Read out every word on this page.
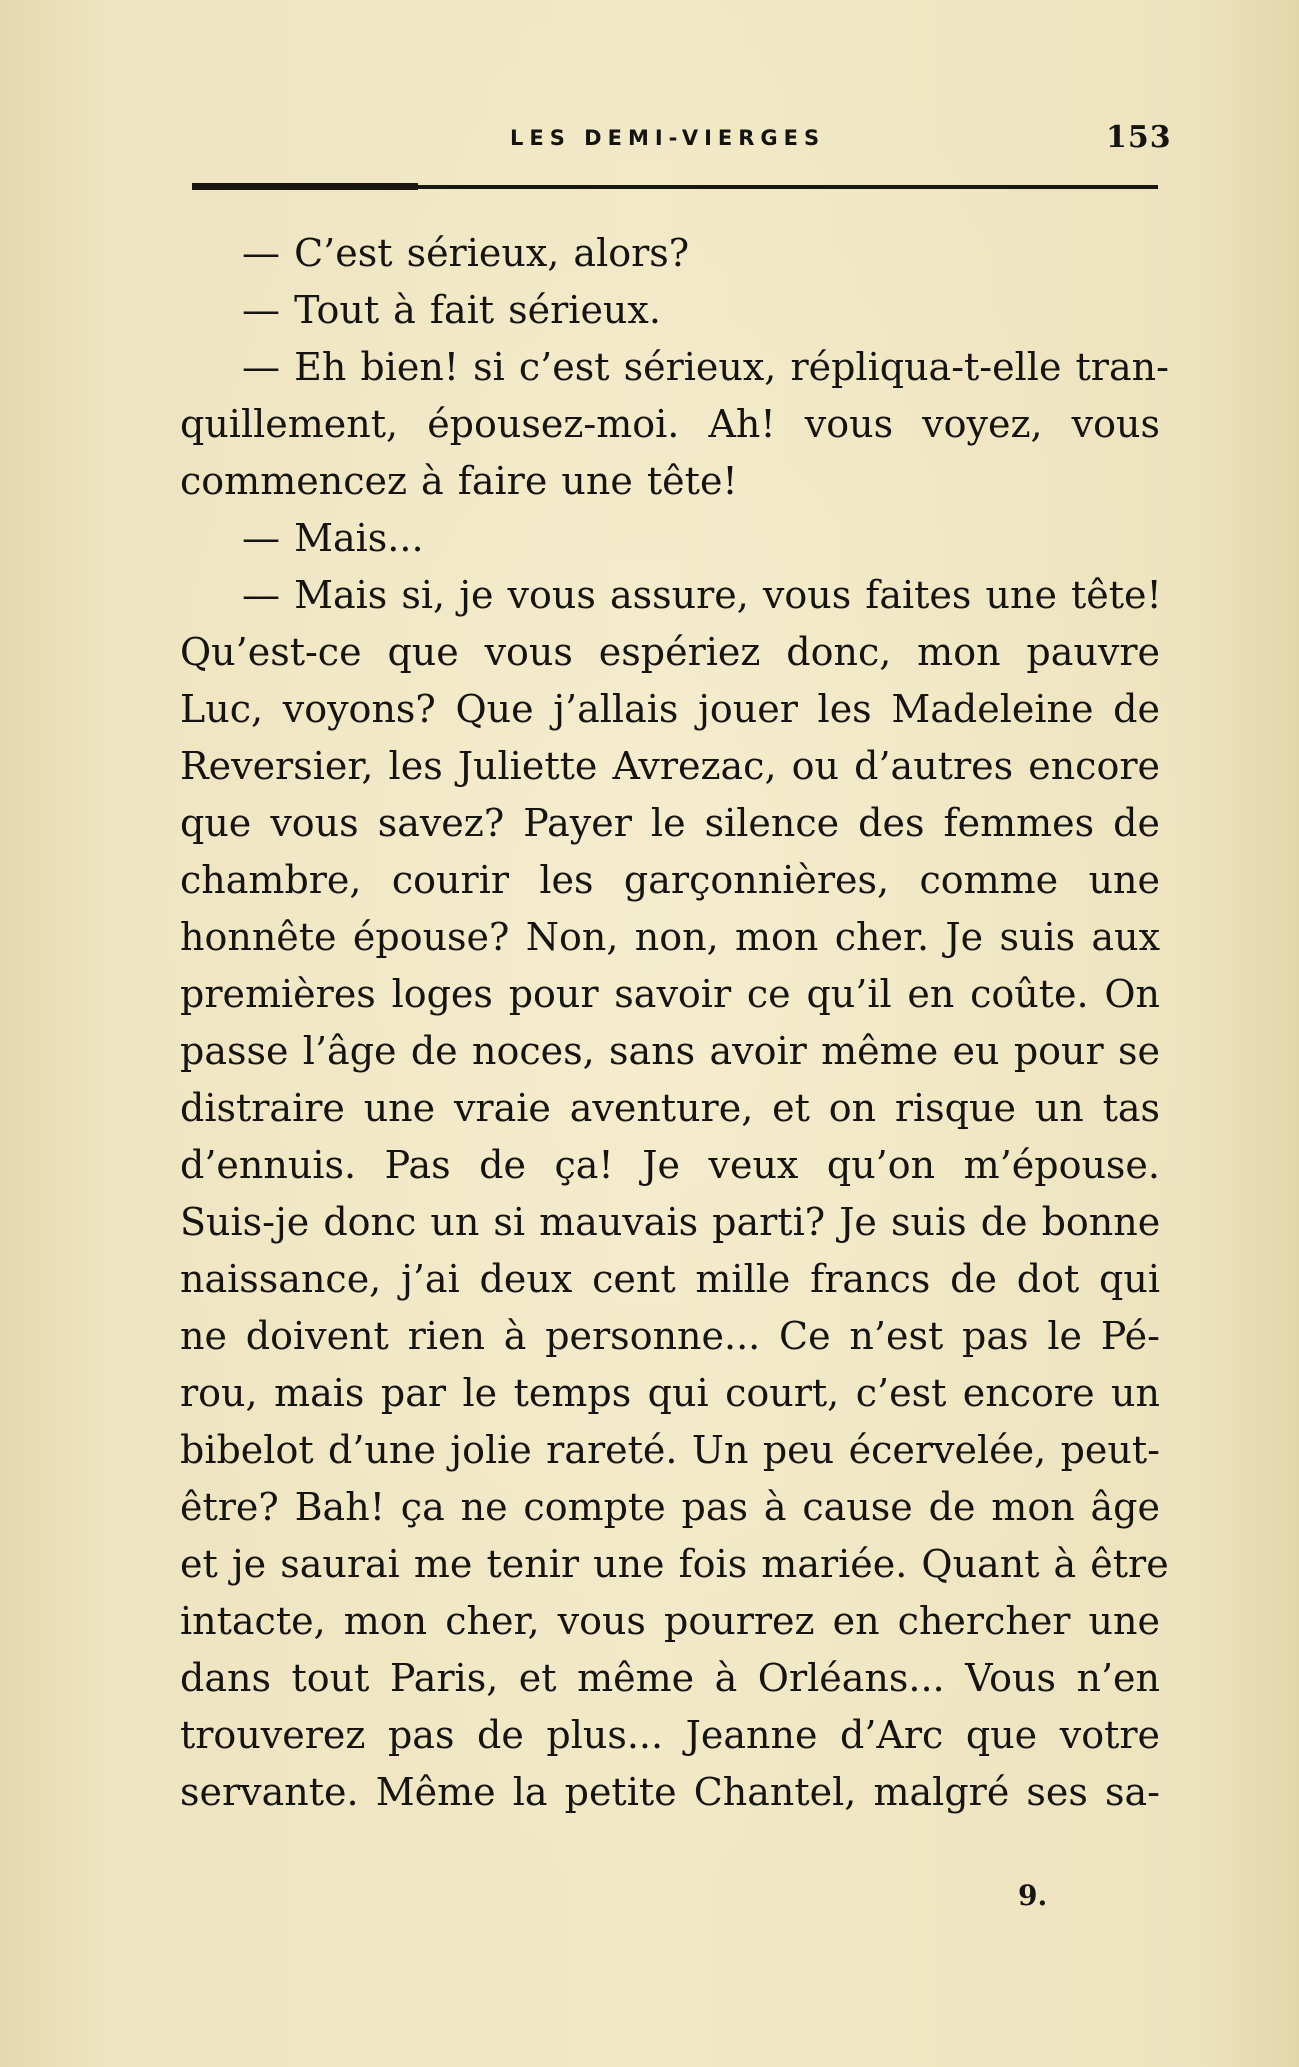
LES DEMI-VIERGES	153
— C’est sérieux, alors?
— Tout à fait sérieux.
— Eh bien! si c’est sérieux, répliqua-t-elle tran-
quillement, épousez-moi. Ah! vous voyez, vous
commencez à faire une tête!
— Mais...
— Mais si, je vous assure, vous faites une tête!
Qu’est-ce que vous espériez donc, mon pauvre
Luc, voyons? Que j’allais jouer les Madeleine de
Reversier, les Juliette Avrezac, ou d’autres encore
que vous savez? Payer le silence des femmes de
chambre, courir les garçonnières, comme une
honnête épouse? Non, non, mon cher. Je suis aux
premières loges pour savoir ce qu’il en coûte. On
passe l’âge de noces, sans avoir même eu pour se
distraire une vraie aventure, et on risque un tas
d’ennuis. Pas de ça! Je veux qu’on m’épouse.
Suis-je donc un si mauvais parti? Je suis de bonne
naissance, j’ai deux cent mille francs de dot qui
ne doivent rien à personne... Ce n’est pas le Pé-
rou, mais par le temps qui court, c’est encore un
bibelot d’une jolie rareté. Un peu écervelée, peut-
être? Bah! ça ne compte pas à cause de mon âge
et je saurai me tenir une fois mariée. Quant à être
intacte, mon cher, vous pourrez en chercher une
dans tout Paris, et même à Orléans... Vous n’en
trouverez pas de plus... Jeanne d’Arc que votre
servante. Même la petite Chantel, malgré ses sa-
9.
